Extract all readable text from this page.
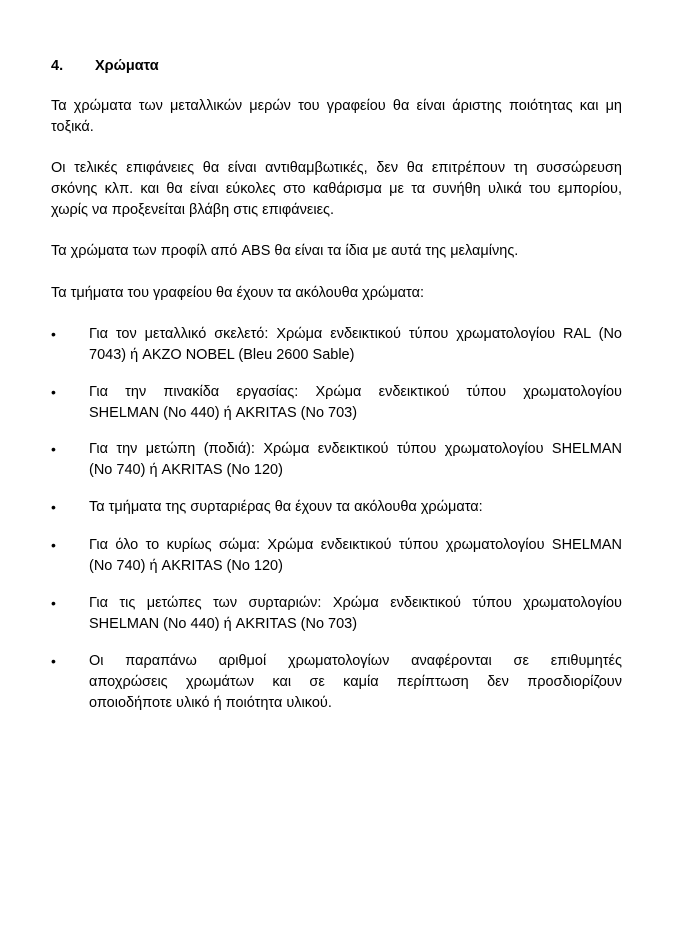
4. Χρώματα
Τα χρώματα των μεταλλικών μερών του γραφείου θα είναι άριστης ποιότητας και μη
τοξικά.
Οι τελικές επιφάνειες θα είναι αντιθαμβωτικές, δεν θα επιτρέπουν τη συσσώρευση
σκόνης κλπ. και θα είναι εύκολες στο καθάρισμα με τα συνήθη υλικά του εμπορίου,
χωρίς να προξενείται βλάβη στις επιφάνειες.
Τα χρώματα των προφίλ από ABS θα είναι τα ίδια με αυτά της μελαμίνης.
Τα τμήματα του γραφείου θα έχουν τα ακόλουθα χρώματα:
•	Για τον μεταλλικό σκελετό: Χρώμα ενδεικτικού τύπου χρωματολογίου RAL (No
7043) ή AKZO NOBEL (Bleu 2600 Sable)
•	Για την πινακίδα εργασίας: Χρώμα ενδεικτικού τύπου χρωματολογίου
SHELMAN (No 440) ή AKRITAS (No 703)
•	Για την μετώπη (ποδιά): Χρώμα ενδεικτικού τύπου χρωματολογίου SHELMAN
(No 740) ή AKRITAS (No 120)
•	Τα τμήματα της συρταριέρας θα έχουν τα ακόλουθα χρώματα:
•	Για όλο το κυρίως σώμα: Χρώμα ενδεικτικού τύπου χρωματολογίου SHELMAN
(No 740) ή AKRITAS (No 120)
•	Για τις μετώπες των συρταριών: Χρώμα ενδεικτικού τύπου χρωματολογίου
SHELMAN (No 440) ή AKRITAS (No 703)
•	Οι παραπάνω αριθμοί χρωματολογίων αναφέρονται σε επιθυμητές
αποχρώσεις χρωμάτων και σε καμία περίπτωση δεν προσδιορίζουν
οποιοδήποτε υλικό ή ποιότητα υλικού.
